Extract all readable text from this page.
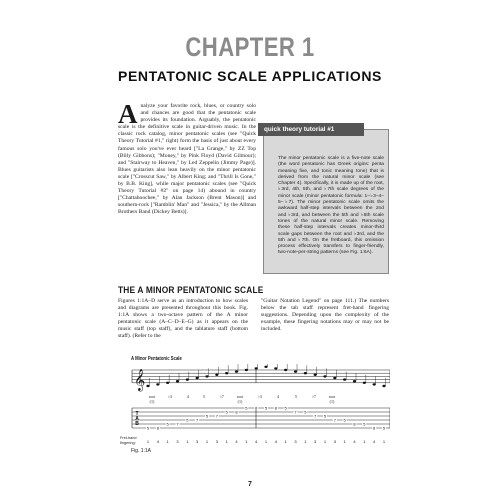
CHAPTER 1
PENTATONIC SCALE APPLICATIONS
Analyze your favorite rock, blues, or country solo and chances are good that the pentatonic scale provides its foundation. Arguably, the pentatonic scale is the definitive scale in guitar-driven music. In the classic rock catalog, minor pentatonic scales (see "Quick Theory Tutorial #1," right) form the basis of just about every famous solo you've ever heard ["La Grange," by ZZ Top (Billy Gibbons); "Money," by Pink Floyd (David Gilmour); and "Stairway to Heaven," by Led Zeppelin (Jimmy Page)]. Blues guitarists also lean heavily on the minor pentatonic scale ["Crosscut Saw," by Albert King; and "Thrill Is Gone," by B.B. King], while major pentatonic scales (see "Quick Theory Tutorial #2" on page 14) abound in country ["Chattahoochee," by Alan Jackson (Brent Mason)] and southern-rock ["Ramblin' Man" and "Jessica," by the Allman Brothers Band (Dickey Betts)].
quick theory tutorial #1
The minor pentatonic scale is a five-note scale (the word pentatonic has Greek origins: penta meaning five, and tonic meaning tone) that is derived from the natural minor scale (see Chapter 4). Specifically, it is made up of the root, ♭3rd, 4th, 5th, and ♭7th scale degrees of the minor scale (minor pentatonic formula: 1–♭3–4–5–♭7). The minor pentatonic scale omits the awkward half-step intervals between the 2nd and ♭3rd, and between the 5th and ♭6th scale tones of the natural minor scale. Removing these half-step intervals creates minor-third scale gaps between the root and ♭3rd, and the 5th and ♭7th. On the fretboard, this omission process effectively transfers to finger-friendly, two-note-per-string patterns (see Fig. 1:6A).
THE A MINOR PENTATONIC SCALE
Figures 1:1A–D serve as an introduction to how scales and diagrams are presented throughout this book. Fig. 1:1A shows a two-octave pattern of the A minor pentatonic scale (A–C–D–E–G) as it appears on the music staff (top staff), and the tablature staff (bottom staff). (Refer to the
"Guitar Notation Legend" on page 111.) The numbers below the tab staff represent fret-hand fingering suggestions. Depending upon the complexity of the example, these fingering notations may or may not be included.
A Minor Pentatonic Scale
𝄞
root
(1)
♭3	4	5	♭7	root
(1)
♭3	4	5	♭7	root
(1)
T
A
B
5 8
5 7
5 7
5 7
5 8
5 8 5 8 5
7 5
7 5
7 5
8 5
8 5
Fret-hand
fingering:	1 4 1 3 1 3 1 3 1 4 1 4 1 4 1 3 1 3 1 3 1 4 1 4 1
Fig. 1:1A
7
